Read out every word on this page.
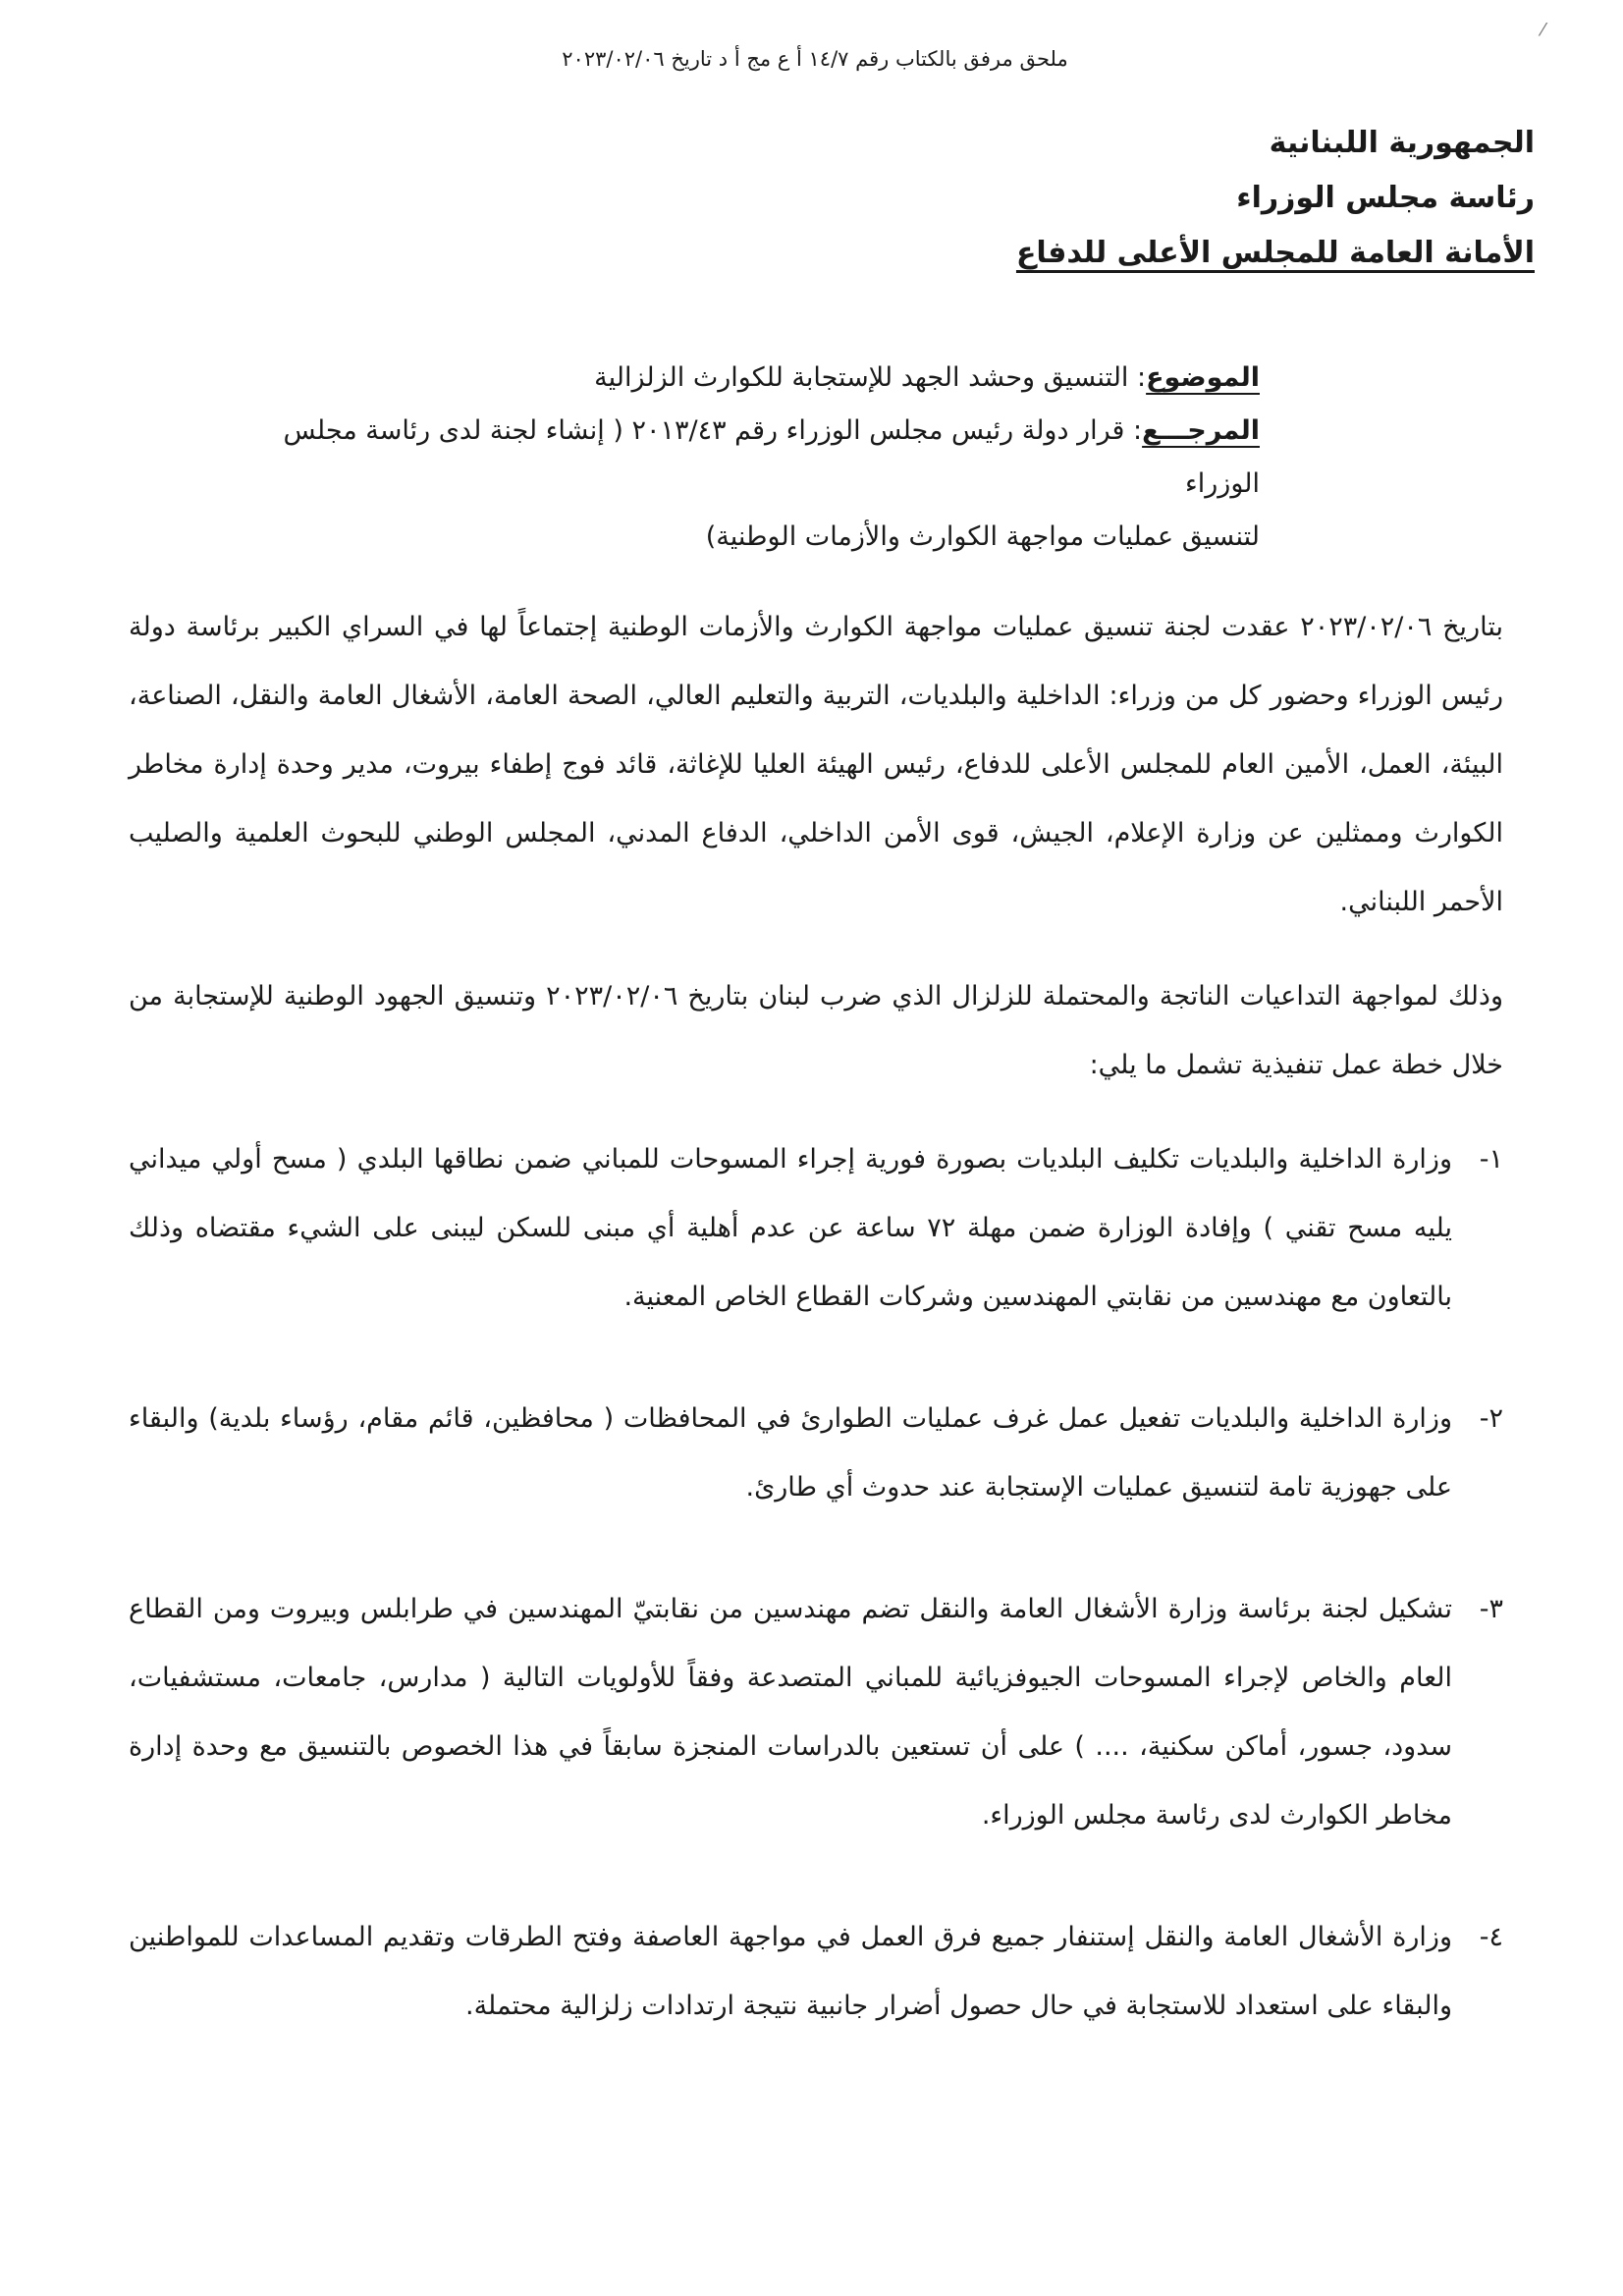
⁄
ملحق مرفق بالكتاب رقم ١٤/٧ أ ع مج أ د تاريخ ٢٠٢٣/٠٢/٠٦
الجمهورية اللبنانية
رئاسة مجلس الوزراء
الأمانة العامة للمجلس الأعلى للدفاع
الموضوع: التنسيق وحشد الجهد للإستجابة للكوارث الزلزالية
المرجـــع: قرار دولة رئيس مجلس الوزراء رقم ٢٠١٣/٤٣ ( إنشاء لجنة لدى رئاسة مجلس الوزراء
لتنسيق عمليات مواجهة الكوارث والأزمات الوطنية)

بتاريخ ٢٠٢٣/٠٢/٠٦ عقدت لجنة تنسيق عمليات مواجهة الكوارث والأزمات الوطنية إجتماعاً لها في السراي الكبير برئاسة دولة رئيس الوزراء وحضور كل من وزراء: الداخلية والبلديات، التربية والتعليم العالي، الصحة العامة، الأشغال العامة والنقل، الصناعة، البيئة، العمل، الأمين العام للمجلس الأعلى للدفاع، رئيس الهيئة العليا للإغاثة، قائد فوج إطفاء بيروت، مدير وحدة إدارة مخاطر الكوارث وممثلين عن وزارة الإعلام، الجيش، قوى الأمن الداخلي، الدفاع المدني، المجلس الوطني للبحوث العلمية والصليب الأحمر اللبناني.

وذلك لمواجهة التداعيات الناتجة والمحتملة للزلزال الذي ضرب لبنان بتاريخ ٢٠٢٣/٠٢/٠٦ وتنسيق الجهود الوطنية للإستجابة من خلال خطة عمل تنفيذية تشمل ما يلي:

١-
وزارة الداخلية والبلديات تكليف البلديات بصورة فورية إجراء المسوحات للمباني ضمن نطاقها البلدي ( مسح أولي ميداني يليه مسح تقني ) وإفادة الوزارة ضمن مهلة ٧٢ ساعة عن عدم أهلية أي مبنى للسكن ليبنى على الشيء مقتضاه وذلك بالتعاون مع مهندسين من نقابتي المهندسين وشركات القطاع الخاص المعنية.
٢-
وزارة الداخلية والبلديات تفعيل عمل غرف عمليات الطوارئ في المحافظات ( محافظين، قائم مقام، رؤساء بلدية) والبقاء على جهوزية تامة لتنسيق عمليات الإستجابة عند حدوث أي طارئ.
٣-
تشكيل لجنة برئاسة وزارة الأشغال العامة والنقل تضم مهندسين من نقابتيّ المهندسين في طرابلس وبيروت ومن القطاع العام والخاص لإجراء المسوحات الجيوفزيائية للمباني المتصدعة وفقاً للأولويات التالية ( مدارس، جامعات، مستشفيات، سدود، جسور، أماكن سكنية، .... ) على أن تستعين بالدراسات المنجزة سابقاً في هذا الخصوص بالتنسيق مع وحدة إدارة مخاطر الكوارث لدى رئاسة مجلس الوزراء.
٤-
وزارة الأشغال العامة والنقل إستنفار جميع فرق العمل في مواجهة العاصفة وفتح الطرقات وتقديم المساعدات للمواطنين والبقاء على استعداد للاستجابة في حال حصول أضرار جانبية نتيجة ارتدادات زلزالية محتملة.
